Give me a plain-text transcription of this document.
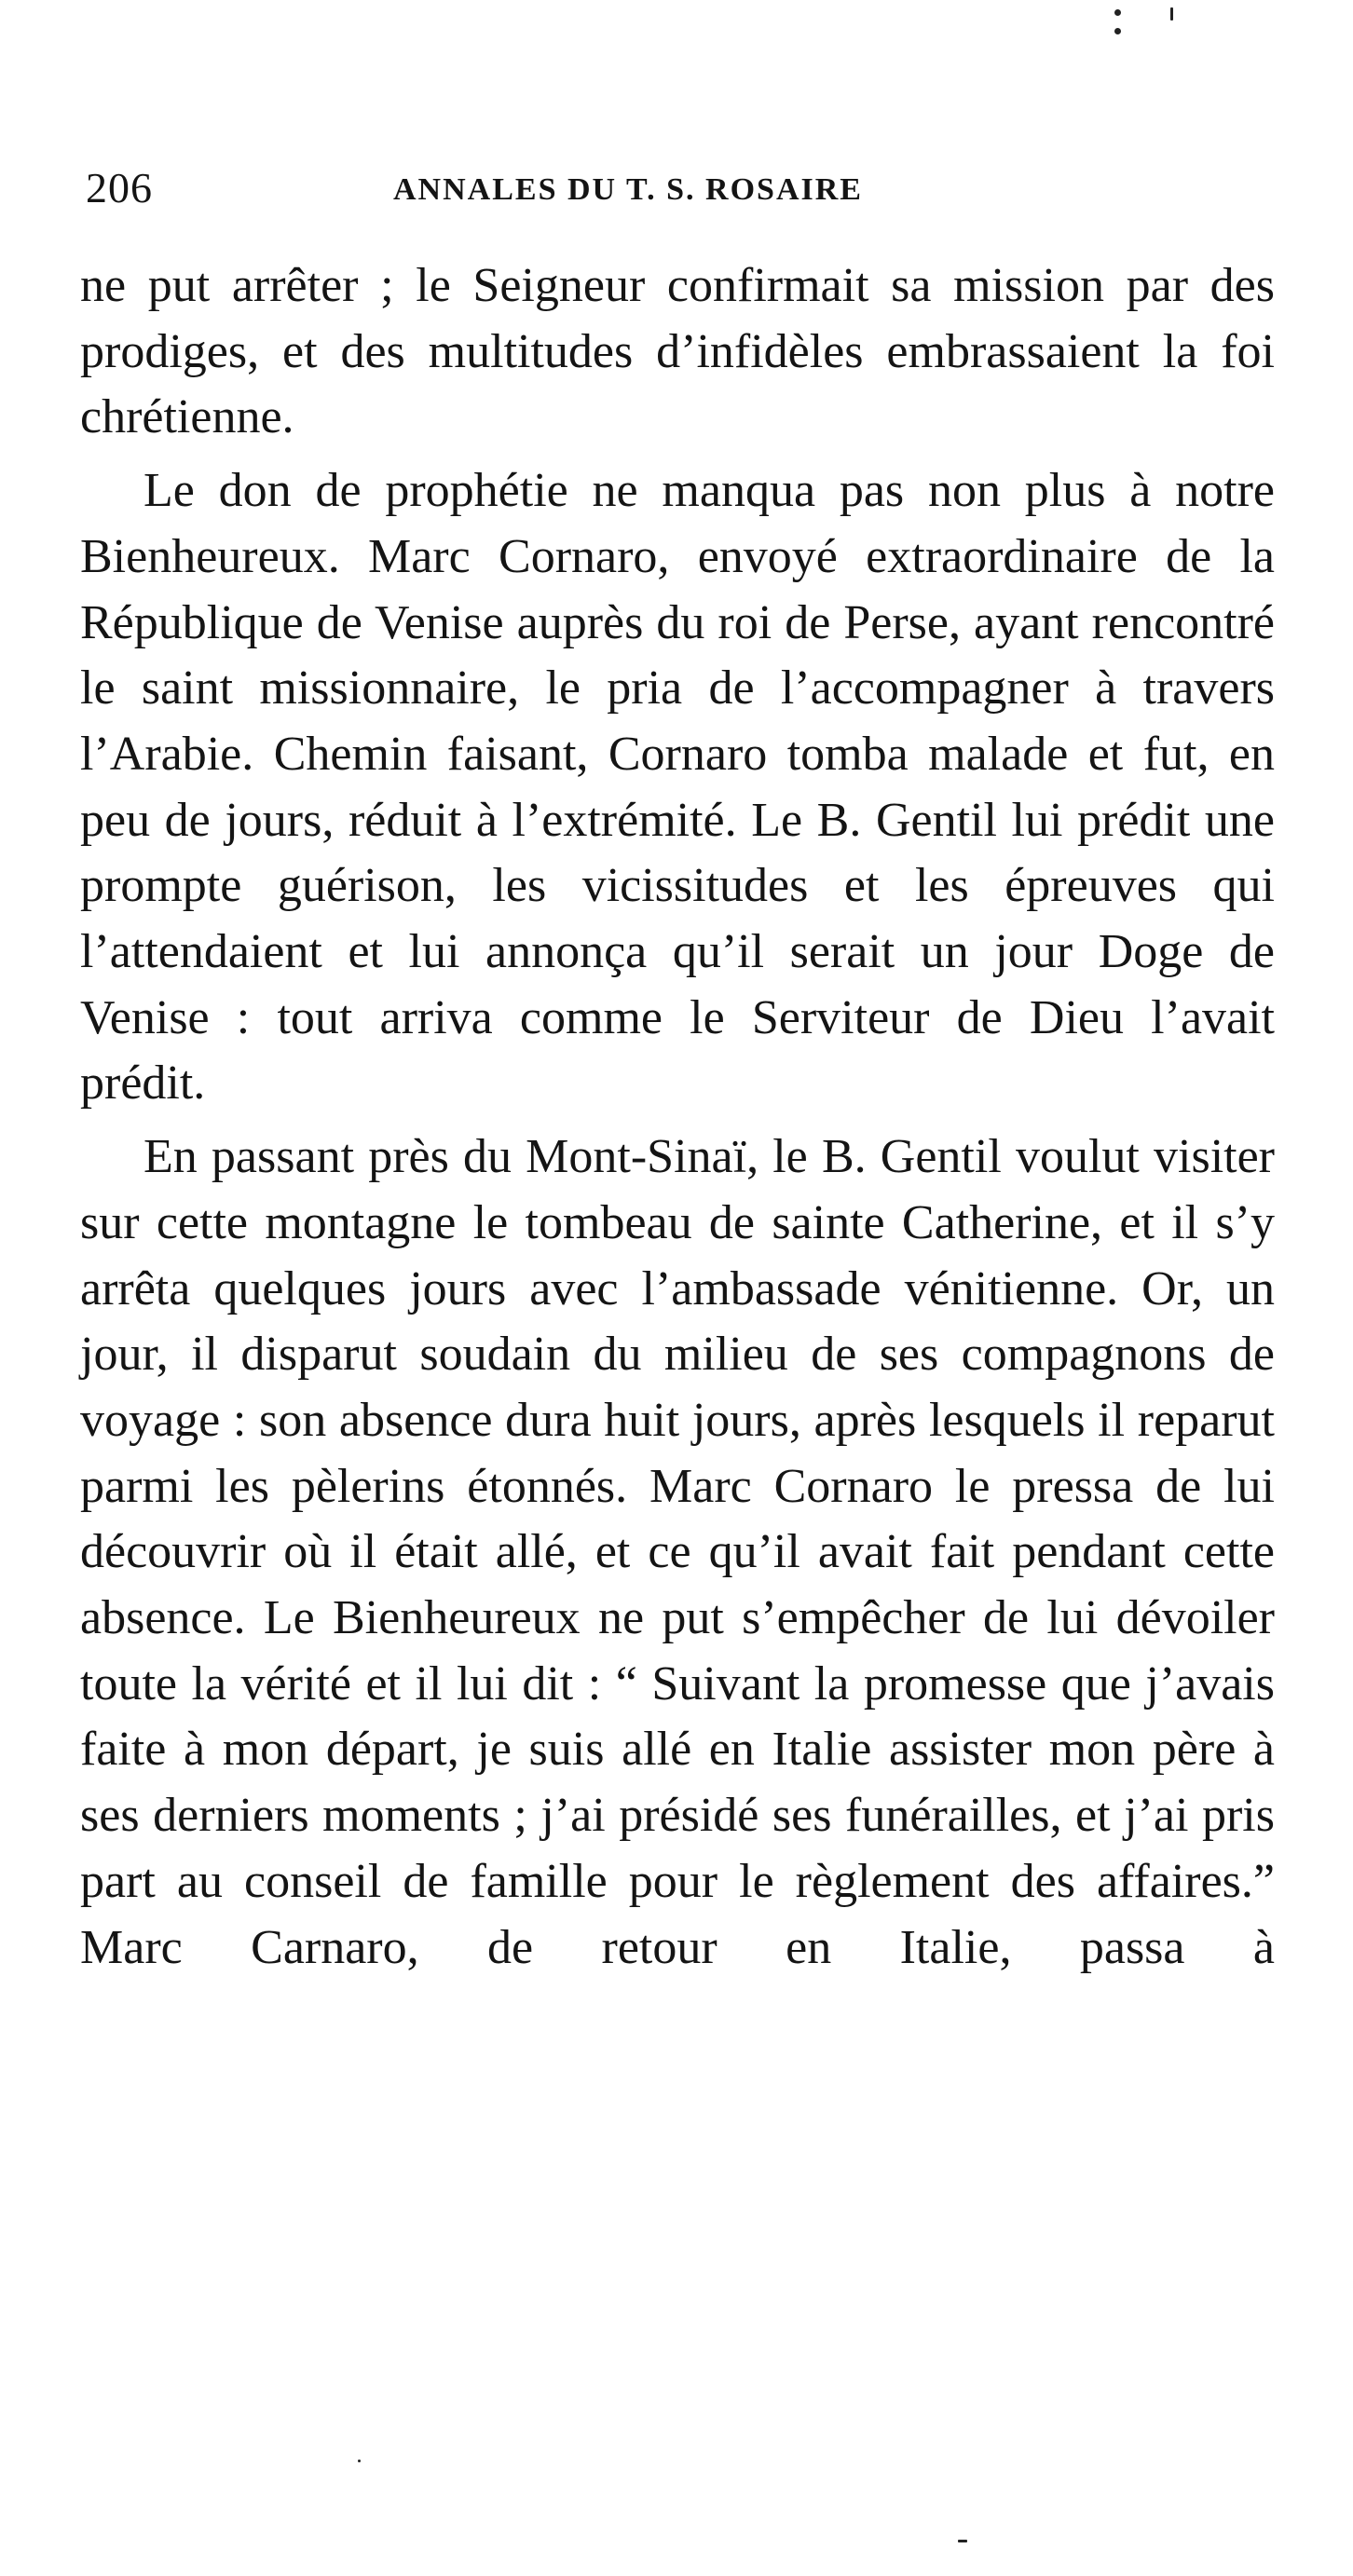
206	ANNALES DU T. S. ROSAIRE

ne put arrêter ; le Seigneur confirmait sa mission par des prodiges, et des multitudes d’infidèles embrassaient la foi chrétienne.

Le don de prophétie ne manqua pas non plus à notre Bienheureux. Marc Cornaro, envoyé extraordinaire de la République de Venise auprès du roi de Perse, ayant rencontré le saint missionnaire, le pria de l’accompagner à travers l’Arabie. Chemin faisant, Cornaro tomba malade et fut, en peu de jours, réduit à l’extrémité. Le B. Gentil lui prédit une prompte guérison, les vicissitudes et les épreuves qui l’attendaient et lui annonça qu’il serait un jour Doge de Venise : tout arriva comme le Serviteur de Dieu l’avait prédit.

En passant près du Mont-Sinaï, le B. Gentil voulut visiter sur cette montagne le tombeau de sainte Catherine, et il s’y arrêta quelques jours avec l’ambassade vénitienne. Or, un jour, il disparut soudain du milieu de ses compagnons de voyage : son absence dura huit jours, après lesquels il reparut parmi les pèlerins étonnés. Marc Cornaro le pressa de lui découvrir où il était allé, et ce qu’il avait fait pendant cette absence. Le Bienheureux ne put s’empêcher de lui dévoiler toute la vérité et il lui dit : “ Suivant la promesse que j’avais faite à mon départ, je suis allé en Italie assister mon père à ses derniers moments ; j’ai présidé ses funérailles, et j’ai pris part au conseil de famille pour le règlement des affaires.” Marc Carnaro, de retour en Italie, passa à
